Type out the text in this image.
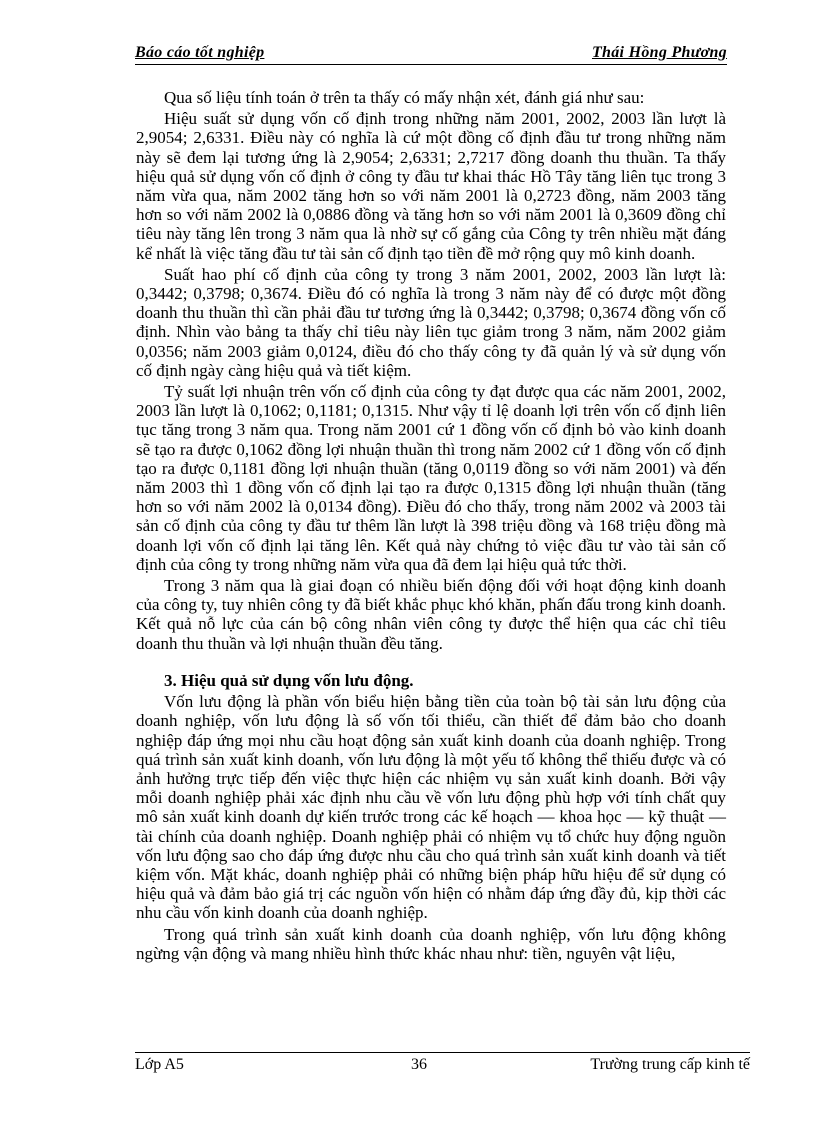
Báo cáo tốt nghiệp	Thái Hồng Phương

Qua số liệu tính toán ở trên ta thấy có mấy nhận xét, đánh giá như sau:

Hiệu suất sử dụng vốn cố định trong những năm 2001, 2002, 2003 lần lượt là 2,9054; 2,6331. Điều này có nghĩa là cứ một đồng cố định đầu tư trong những năm này sẽ đem lại tương ứng là 2,9054; 2,6331; 2,7217 đồng doanh thu thuần. Ta thấy hiệu quả sử dụng vốn cố định ở công ty đầu tư khai thác Hồ Tây tăng liên tục trong 3 năm vừa qua, năm 2002 tăng hơn so với năm 2001 là 0,2723 đồng, năm 2003 tăng hơn so với năm 2002 là 0,0886 đồng và tăng hơn so với năm 2001 là 0,3609 đồng chỉ tiêu này tăng lên trong 3 năm qua là nhờ sự cố gắng của Công ty trên nhiều mặt đáng kể nhất là việc tăng đầu tư tài sản cố định tạo tiền đề mở rộng quy mô kinh doanh.

Suất hao phí cố định của công ty trong 3 năm 2001, 2002, 2003 lần lượt là: 0,3442; 0,3798; 0,3674. Điều đó có nghĩa là trong 3 năm này để có được một đồng doanh thu thuần thì cần phải đầu tư tương ứng là 0,3442; 0,3798; 0,3674 đồng vốn cố định. Nhìn vào bảng ta thấy chỉ tiêu này liên tục giảm trong 3 năm, năm 2002 giảm 0,0356; năm 2003 giảm 0,0124, điều đó cho thấy công ty đã quản lý và sử dụng vốn cố định ngày càng hiệu quả và tiết kiệm.

Tỷ suất lợi nhuận trên vốn cố định của công ty đạt được qua các năm 2001, 2002, 2003 lần lượt là 0,1062; 0,1181; 0,1315. Như vậy tỉ lệ doanh lợi trên vốn cố định liên tục tăng trong 3 năm qua. Trong năm 2001 cứ 1 đồng vốn cố định bỏ vào kinh doanh sẽ tạo ra được 0,1062 đồng lợi nhuận thuần thì trong năm 2002 cứ 1 đồng vốn cố định tạo ra được 0,1181 đồng lợi nhuận thuần (tăng 0,0119 đồng so với năm 2001) và đến năm 2003 thì 1 đồng vốn cố định lại tạo ra được 0,1315 đồng lợi nhuận thuần (tăng hơn so với năm 2002 là 0,0134 đồng). Điều đó cho thấy, trong năm 2002 và 2003 tài sản cố định của công ty đầu tư thêm lần lượt là 398 triệu đồng và 168 triệu đồng mà doanh lợi vốn cố định lại tăng lên. Kết quả này chứng tỏ việc đầu tư vào tài sản cố định của công ty trong những năm vừa qua đã đem lại hiệu quả tức thời.

Trong 3 năm qua là giai đoạn có nhiều biến động đối với hoạt động kinh doanh của công ty, tuy nhiên công ty đã biết khắc phục khó khăn, phấn đấu trong kinh doanh. Kết quả nỗ lực của cán bộ công nhân viên công ty được thể hiện qua các chỉ tiêu doanh thu thuần và lợi nhuận thuần đều tăng.

3. Hiệu quả sử dụng vốn lưu động.

Vốn lưu động là phần vốn biểu hiện bằng tiền của toàn bộ tài sản lưu động của doanh nghiệp, vốn lưu động là số vốn tối thiểu, cần thiết để đảm bảo cho doanh nghiệp đáp ứng mọi nhu cầu hoạt động sản xuất kinh doanh của doanh nghiệp. Trong quá trình sản xuất kinh doanh, vốn lưu động là một yếu tố không thể thiếu được và có ảnh hưởng trực tiếp đến việc thực hiện các nhiệm vụ sản xuất kinh doanh. Bởi vậy mỗi doanh nghiệp phải xác định nhu cầu về vốn lưu động phù hợp với tính chất quy mô sản xuất kinh doanh dự kiến trước trong các kế hoạch — khoa học — kỹ thuật — tài chính của doanh nghiệp. Doanh nghiệp phải có nhiệm vụ tổ chức huy động nguồn vốn lưu động sao cho đáp ứng được nhu cầu cho quá trình sản xuất kinh doanh và tiết kiệm vốn. Mặt khác, doanh nghiệp phải có những biện pháp hữu hiệu để sử dụng có hiệu quả và đảm bảo giá trị các nguồn vốn hiện có nhằm đáp ứng đầy đủ, kịp thời các nhu cầu vốn kinh doanh của doanh nghiệp.

Trong quá trình sản xuất kinh doanh của doanh nghiệp, vốn lưu động không ngừng vận động và mang nhiều hình thức khác nhau như: tiền, nguyên vật liệu,

Lớp A5	36	Trường trung cấp kinh tế
